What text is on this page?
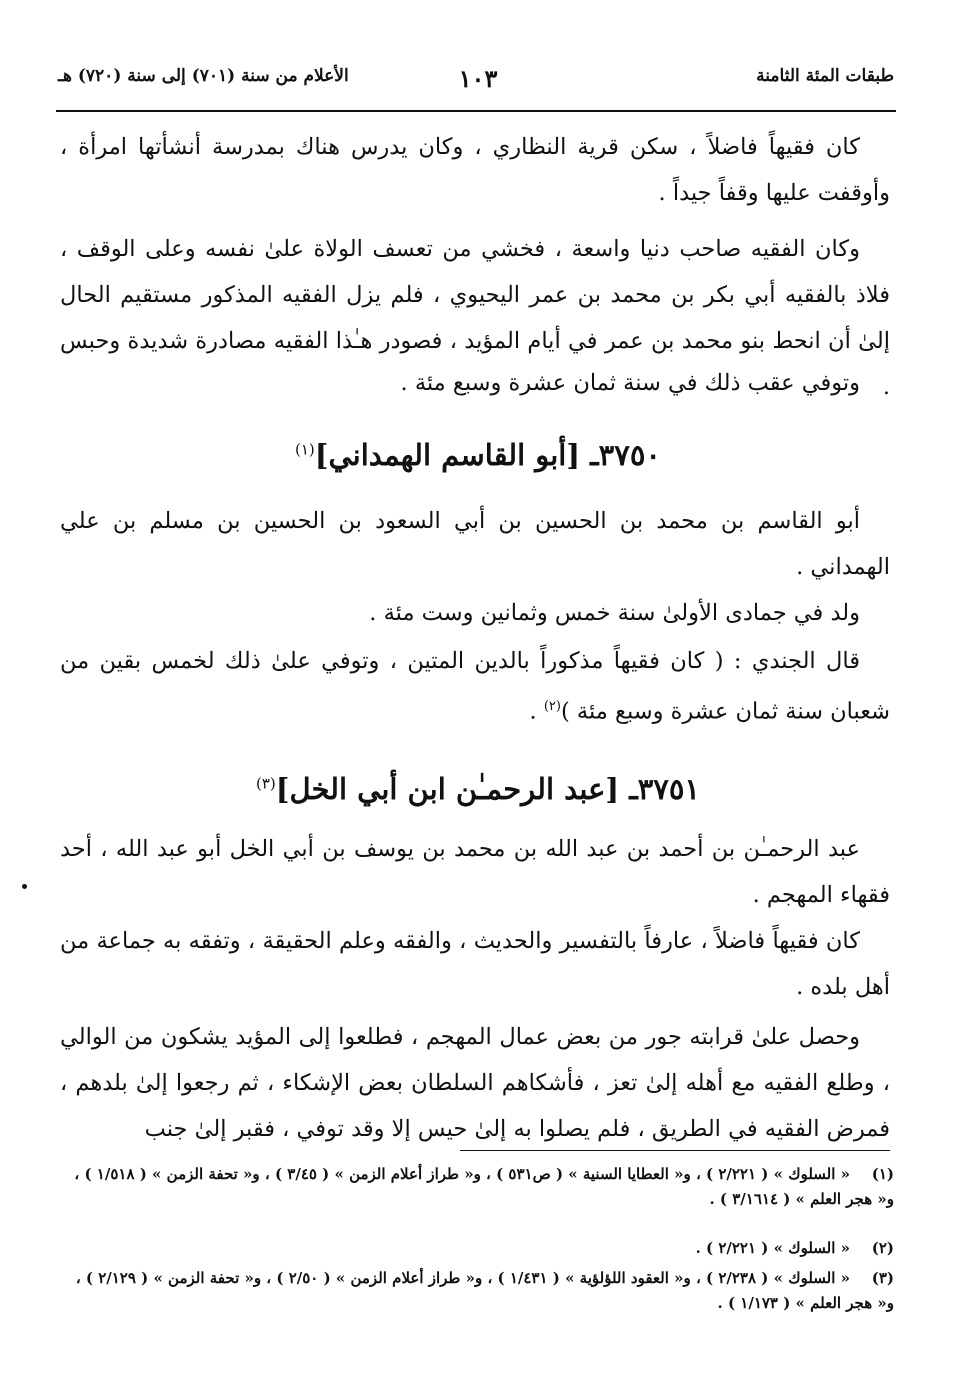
طبقات المئة الثامنة
١٠٣
الأعلام من سنة (٧٠١) إلى سنة (٧٢٠) هـ

كان فقيهاً فاضلاً ، سكن قرية النظاري ، وكان يدرس هناك بمدرسة أنشأتها امرأة ، وأوقفت عليها وقفاً جيداً .

وكان الفقيه صاحب دنيا واسعة ، فخشي من تعسف الولاة علىٰ نفسه وعلى الوقف ، فلاذ بالفقيه أبي بكر بن محمد بن عمر اليحيوي ، فلم يزل الفقيه المذكور مستقيم الحال إلىٰ أن انحط بنو محمد بن عمر في أيام المؤيد ، فصودر هـٰذا الفقيه مصادرة شديدة وحبس .

وتوفي عقب ذلك في سنة ثمان عشرة وسبع مئة .

٣٧٥٠ـ [أبو القاسم الهمداني]$^{(١)}$

أبو القاسم بن محمد بن الحسين بن أبي السعود بن الحسين بن مسلم بن علي الهمداني .

ولد في جمادى الأولىٰ سنة خمس وثمانين وست مئة .

قال الجندي : ( كان فقيهاً مذكوراً بالدين المتين ، وتوفي علىٰ ذلك لخمس بقين من شعبان سنة ثمان عشرة وسبع مئة )$^{(٢)}$ .

٣٧٥١ـ [عبد الرحمـٰن ابن أبي الخل]$^{(٣)}$

عبد الرحمـٰن بن أحمد بن عبد الله بن محمد بن يوسف بن أبي الخل أبو عبد الله ، أحد فقهاء المهجم .

كان فقيهاً فاضلاً ، عارفاً بالتفسير والحديث ، والفقه وعلم الحقيقة ، وتفقه به جماعة من أهل بلده .

وحصل علىٰ قرابته جور من بعض عمال المهجم ، فطلعوا إلى المؤيد يشكون من الوالي ، وطلع الفقيه مع أهله إلىٰ تعز ، فأشكاهم السلطان بعض الإشكاء ، ثم رجعوا إلىٰ بلدهم ، فمرض الفقيه في الطريق ، فلم يصلوا به إلىٰ حيس إلا وقد توفي ، فقبر إلىٰ جنب

(١)« السلوك » ( ٢/٢٢١ ) ، و« العطايا السنية » ( ص٥٣١ ) ، و« طراز أعلام الزمن » ( ٣/٤٥ ) ، و« تحفة الزمن » ( ١/٥١٨ ) ، و« هجر العلم » ( ٣/١٦١٤ ) .

(٢)« السلوك » ( ٢/٢٢١ ) .

(٣)« السلوك » ( ٢/٢٣٨ ) ، و« العقود اللؤلؤية » ( ١/٤٣١ ) ، و« طراز أعلام الزمن » ( ٢/٥٠ ) ، و« تحفة الزمن » ( ٢/١٢٩ ) ، و« هجر العلم » ( ١/١٧٣ ) .
